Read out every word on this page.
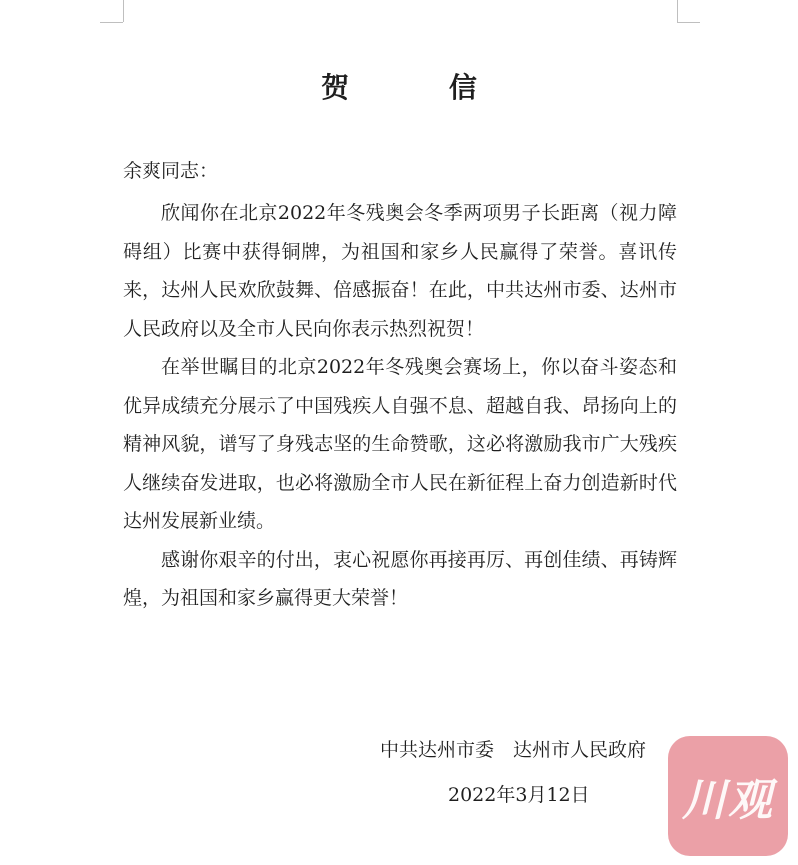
贺 信

余爽同志：

欣闻你在北京2022年冬残奥会冬季两项男子长距离（视力障碍组）比赛中获得铜牌，为祖国和家乡人民赢得了荣誉。喜讯传来，达州人民欢欣鼓舞、倍感振奋！在此，中共达州市委、达州市人民政府以及全市人民向你表示热烈祝贺！

在举世瞩目的北京2022年冬残奥会赛场上，你以奋斗姿态和优异成绩充分展示了中国残疾人自强不息、超越自我、昂扬向上的精神风貌，谱写了身残志坚的生命赞歌，这必将激励我市广大残疾人继续奋发进取，也必将激励全市人民在新征程上奋力创造新时代达州发展新业绩。

感谢你艰辛的付出，衷心祝愿你再接再厉、再创佳绩、再铸辉煌，为祖国和家乡赢得更大荣誉！

中共达州市委　达州市人民政府

2022年3月12日 川观
